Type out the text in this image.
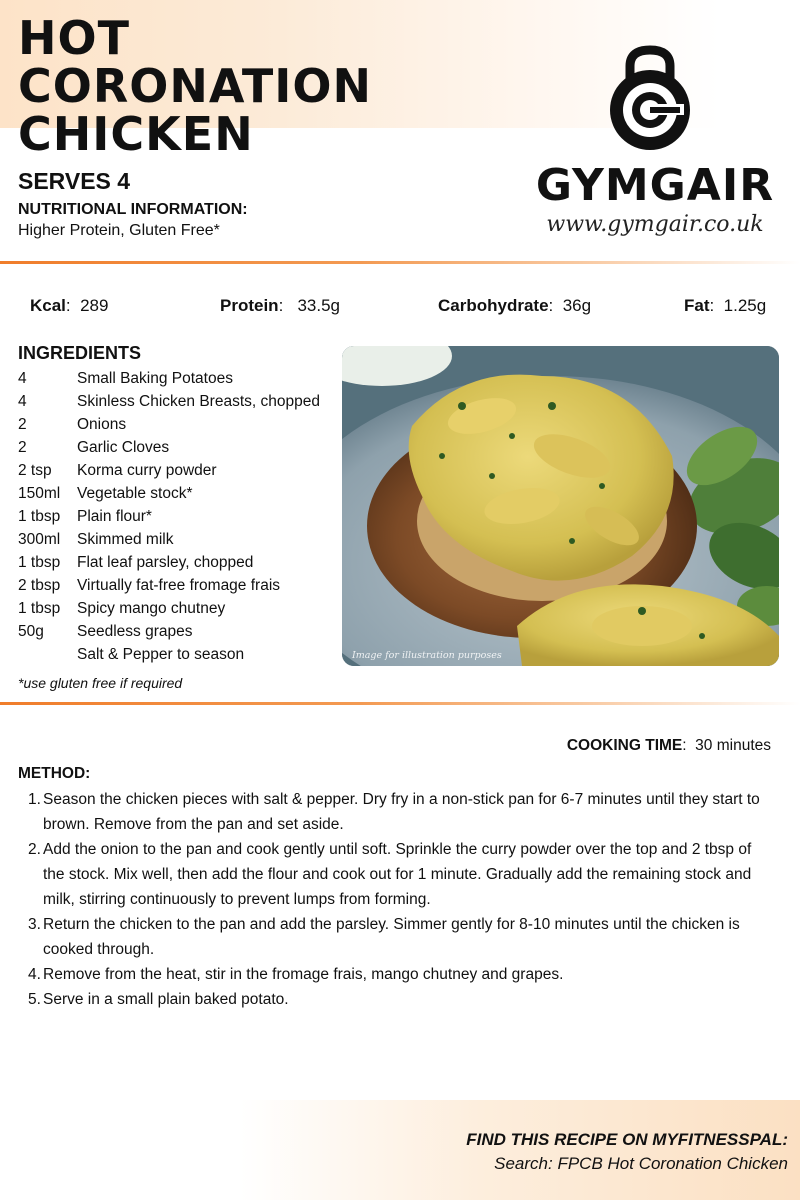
HOT CORONATION CHICKEN
GYMGAIR
www.gymgair.co.uk
SERVES 4
NUTRITIONAL INFORMATION:
Higher Protein, Gluten Free*
Kcal:  289	Protein:   33.5g	Carbohydrate:  36g	Fat:  1.25g
INGREDIENTS
4	Small Baking Potatoes
4	Skinless Chicken Breasts, chopped
2	Onions
2	Garlic Cloves
2 tsp Korma curry powder
150ml Vegetable stock*
1 tbsp Plain flour*
300ml Skimmed milk
1 tbsp Flat leaf parsley, chopped
2 tbsp Virtually fat-free fromage frais
1 tbsp Spicy mango chutney
50g Seedless grapes
Salt & Pepper to season
*use gluten free if required
Image for illustration purposes
COOKING TIME:  30 minutes
METHOD:
1. Season the chicken pieces with salt & pepper. Dry fry in a non-stick pan for 6-7 minutes until they start to brown. Remove from the pan and set aside.
2. Add the onion to the pan and cook gently until soft. Sprinkle the curry powder over the top and 2 tbsp of the stock. Mix well, then add the flour and cook out for 1 minute. Gradually add the remaining stock and milk, stirring continuously to prevent lumps from forming.
3. Return the chicken to the pan and add the parsley. Simmer gently for 8-10 minutes until the chicken is cooked through.
4. Remove from the heat, stir in the fromage frais, mango chutney and grapes.
5. Serve in a small plain baked potato.
FIND THIS RECIPE ON MYFITNESSPAL:
Search: FPCB Hot Coronation Chicken
